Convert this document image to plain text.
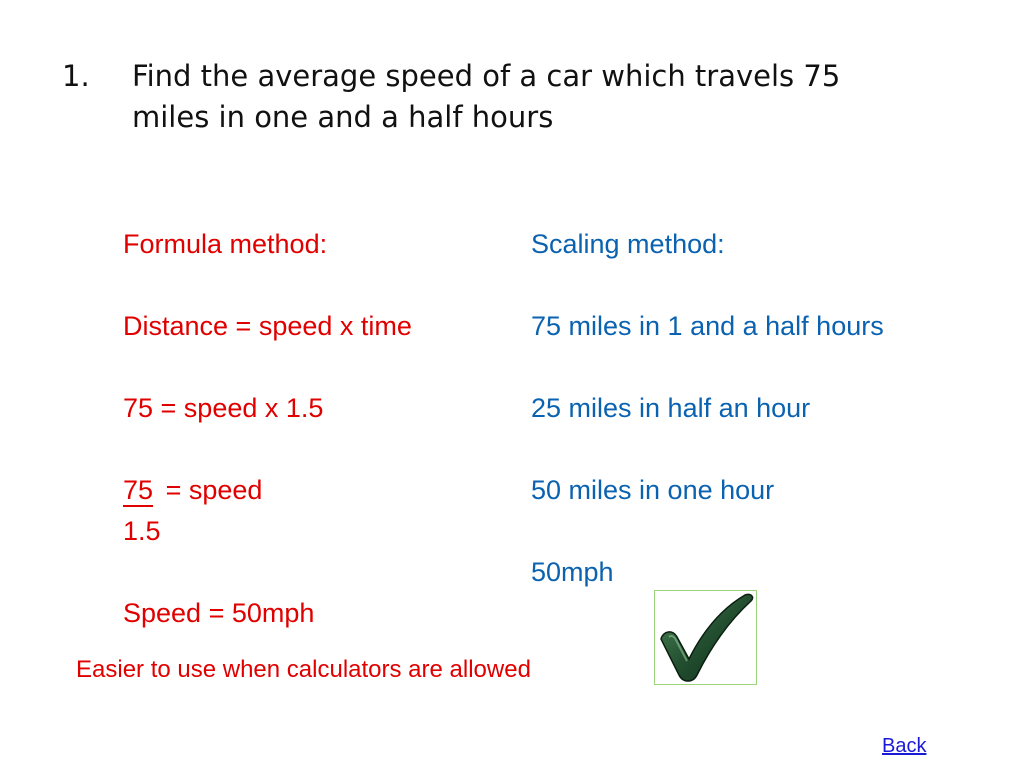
1.	Find the average speed of a car which travels 75
miles in one and a half hours
Formula method:
Distance = speed x time
75 = speed x 1.5
75 = speed
1.5
Speed = 50mph
Scaling method:
75 miles in 1 and a half hours
25 miles in half an hour
50 miles in one hour
50mph
Easier to use when calculators are allowed
Back
